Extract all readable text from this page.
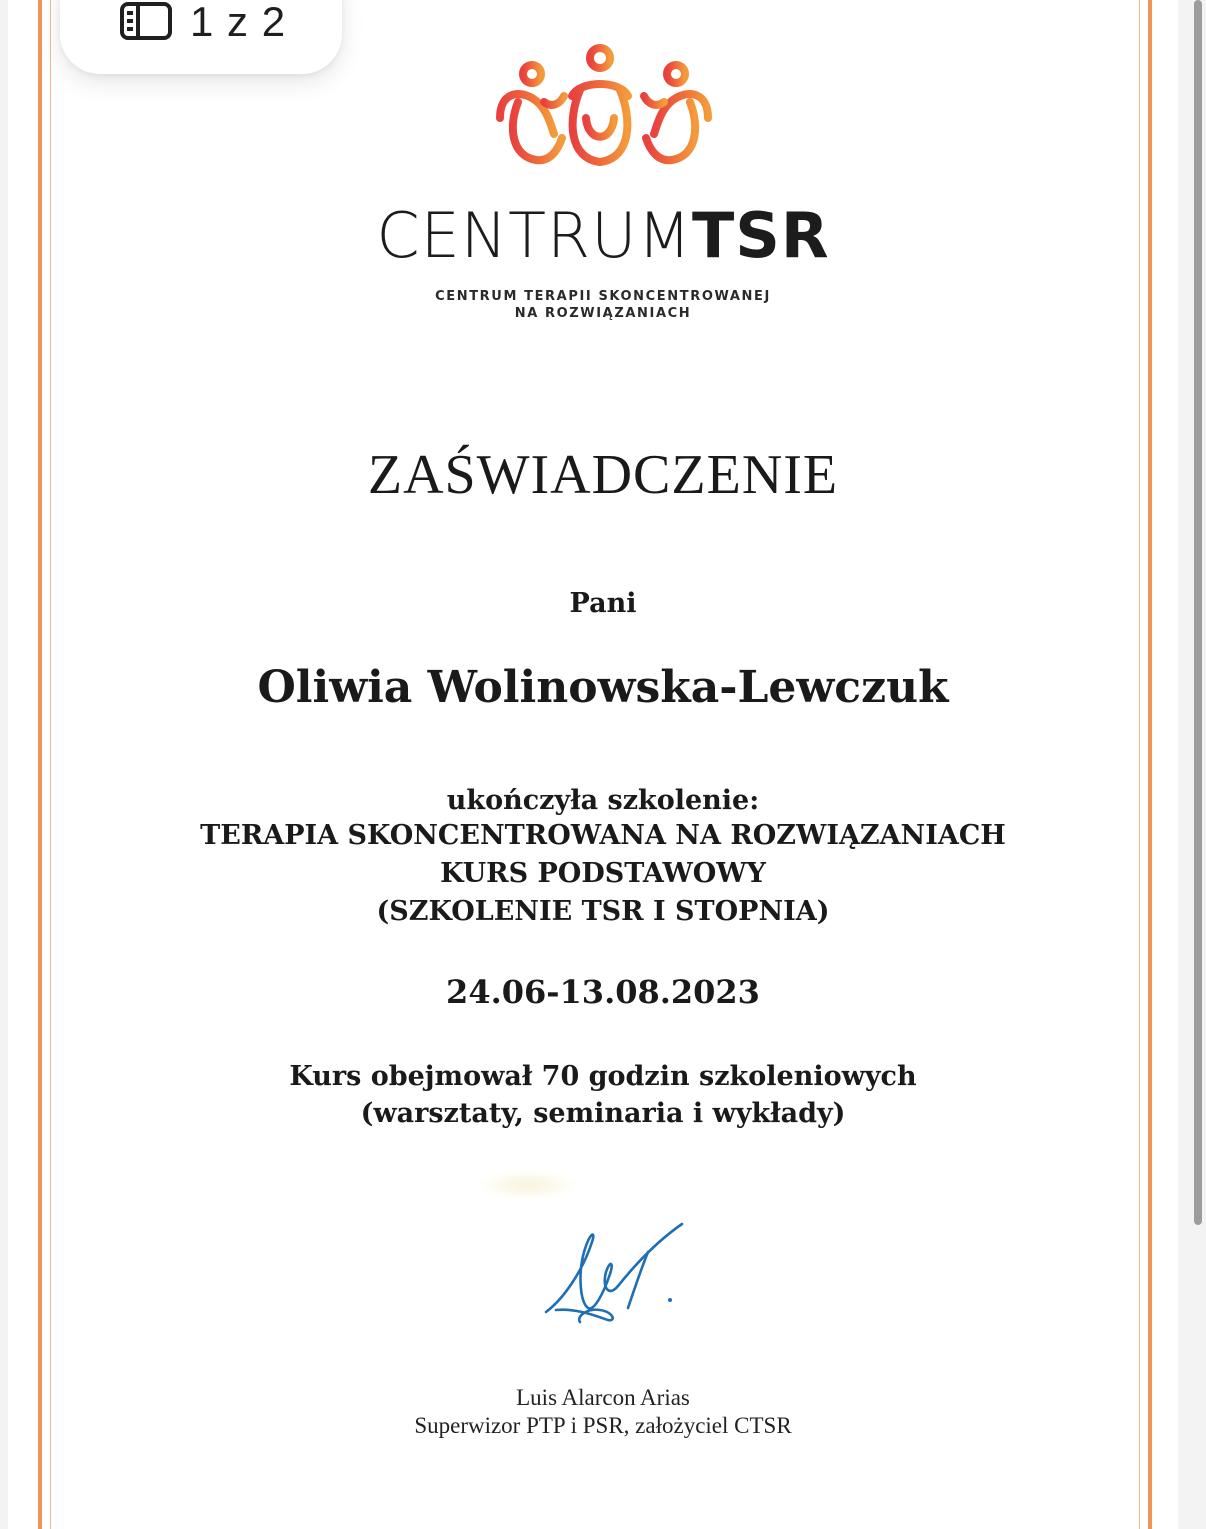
CENTRUMTSR
CENTRUM TERAPII SKONCENTROWANEJ
NA ROZWIĄZANIACH
ZAŚWIADCZENIE
Pani
Oliwia Wolinowska-Lewczuk
ukończyła szkolenie:
TERAPIA SKONCENTROWANA NA ROZWIĄZANIACH
KURS PODSTAWOWY
(SZKOLENIE TSR I STOPNIA)
24.06-13.08.2023
Kurs obejmował 70 godzin szkoleniowych
(warsztaty, seminaria i wykłady)
Luis Alarcon Arias
Superwizor PTP i PSR, założyciel CTSR
1 z 2
